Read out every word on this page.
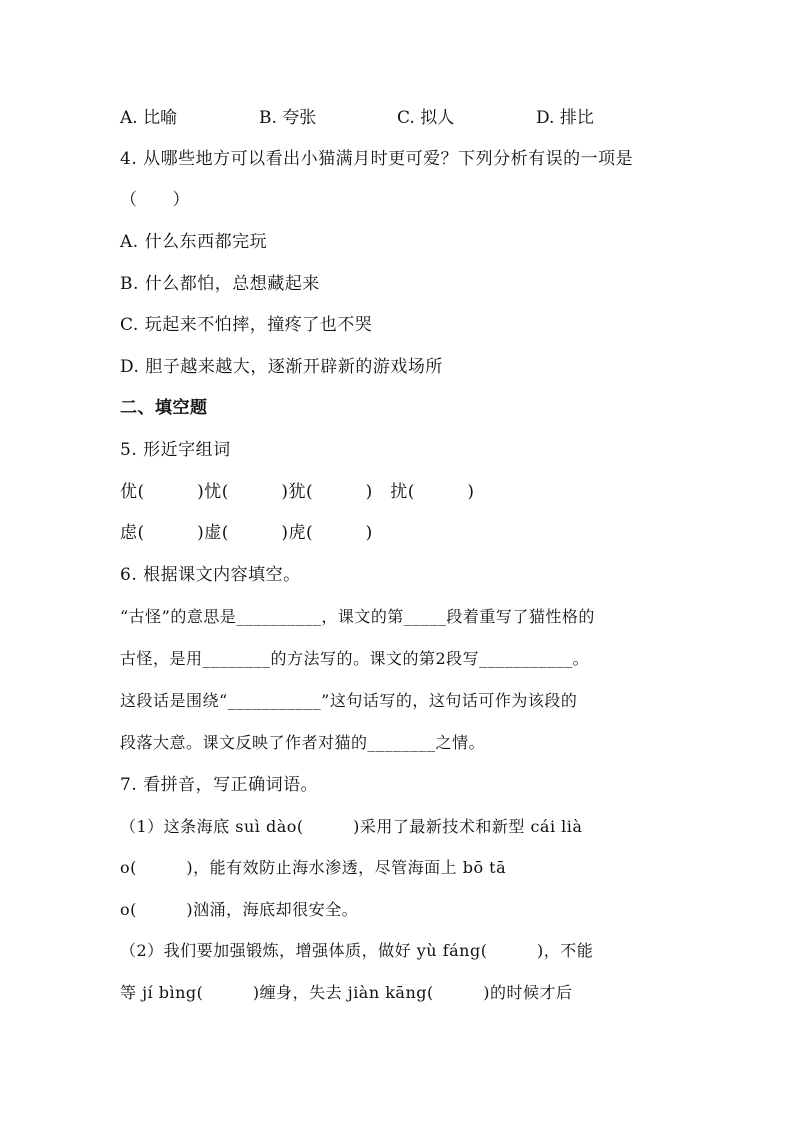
A. 比喻	B. 夸张	C. 拟人	D. 排比
4. 从哪些地方可以看出小猫满月时更可爱？下列分析有误的一项是
（　　）
A. 什么东西都完玩
B. 什么都怕，总想藏起来
C. 玩起来不怕摔，撞疼了也不哭
D. 胆子越来越大，逐渐开辟新的游戏场所
二、填空题
5. 形近字组词
优(　　　)忧(　　　)犹(　　　)　扰(　　　)
虑(　　　)虚(　　　)虎(　　　)
6. 根据课文内容填空。
“古怪”的意思是__________，课文的第_____段着重写了猫性格的
古怪，是用________的方法写的。课文的第2段写___________。
这段话是围绕“___________”这句话写的，这句话可作为该段的
段落大意。课文反映了作者对猫的________之情。
7. 看拼音，写正确词语。
（1）这条海底 suì dào(　　　)采用了最新技术和新型 cái lià
o(　　　)，能有效防止海水渗透，尽管海面上 bō tā
o(　　　)汹涌，海底却很安全。
（2）我们要加强锻炼，增强体质，做好 yù fáng(　　　)，不能
等 jí bìng(　　　)缠身，失去 jiàn kāng(　　　)的时候才后
